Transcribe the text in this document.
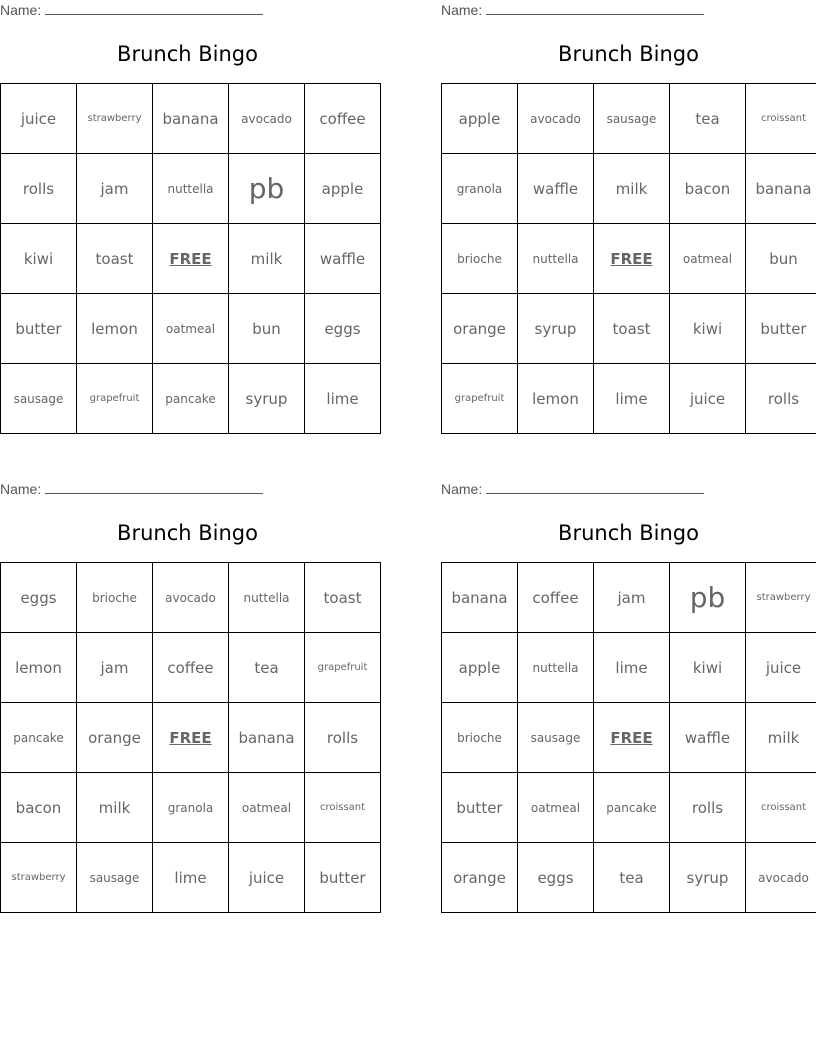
Name:
Brunch Bingo
juice	strawberry	banana	avocado	coffee
rolls	jam	nuttella	pb	apple
kiwi	toast	FREE	milk	waffle
butter	lemon	oatmeal	bun	eggs
sausage	grapefruit	pancake	syrup	lime
Name:
Brunch Bingo
apple	avocado	sausage	tea	croissant
granola	waffle	milk	bacon	banana
brioche	nuttella	FREE	oatmeal	bun
orange	syrup	toast	kiwi	butter
grapefruit	lemon	lime	juice	rolls
Name:
Brunch Bingo
eggs	brioche	avocado	nuttella	toast
lemon	jam	coffee	tea	grapefruit
pancake	orange	FREE	banana	rolls
bacon	milk	granola	oatmeal	croissant
strawberry	sausage	lime	juice	butter
Name:
Brunch Bingo
banana	coffee	jam	pb	strawberry
apple	nuttella	lime	kiwi	juice
brioche	sausage	FREE	waffle	milk
butter	oatmeal	pancake	rolls	croissant
orange	eggs	tea	syrup	avocado
